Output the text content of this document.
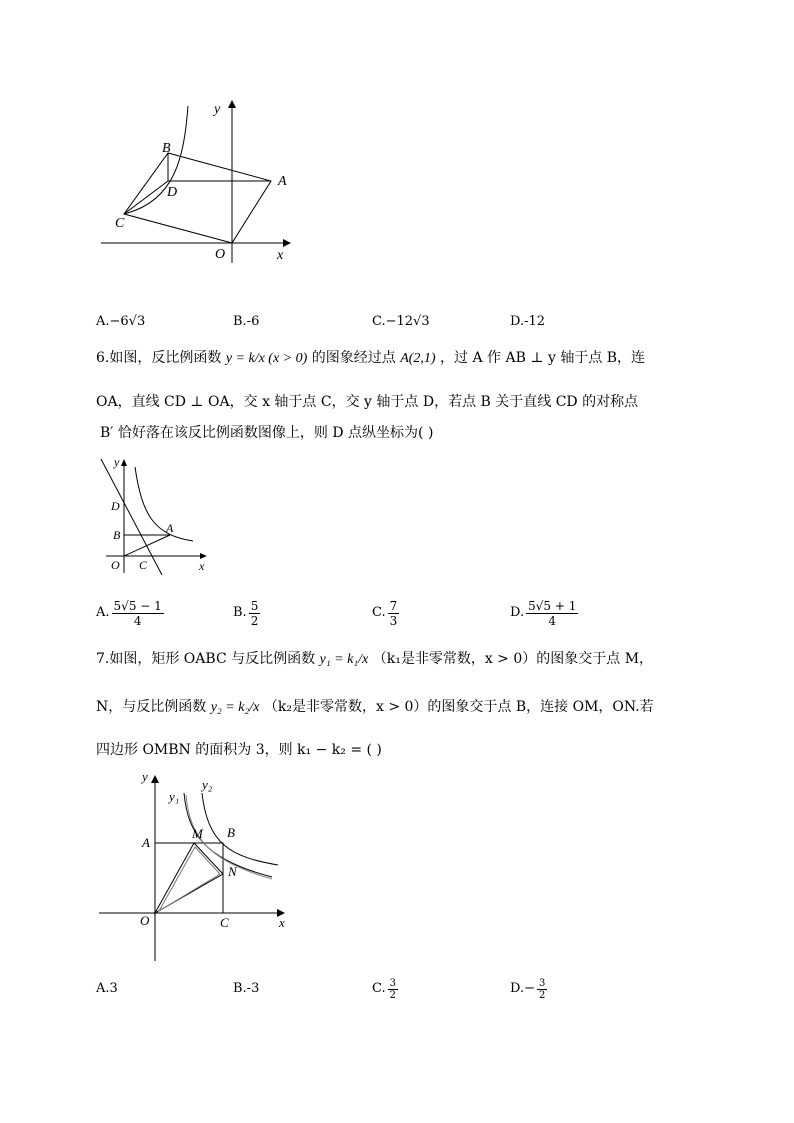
y
x
O
A
B
C
D
A.−6√3	B.-6	C.−12√3	D.-12
6.如图，反比例函数 y = k/x (x > 0) 的图象经过点 A(2,1) ，过 A 作 AB ⊥ y 轴于点 B，连
OA，直线 CD ⊥ OA，交 x 轴于点 C，交 y 轴于点 D，若点 B 关于直线 CD 的对称点
B′ 恰好落在该反比例函数图像上，则 D 点纵坐标为( )
y
x
O
A
B
C
D
A. $\frac{5√5 - 1}{4}$	B. $\frac{5}{2}$	C. $\frac{7}{3}$	D. $\frac{5√5 + 1}{4}$
7.如图，矩形 OABC 与反比例函数 y₁ = k₁/x （k₁是非零常数，x > 0）的图象交于点 M，
N，与反比例函数 y₂ = k₂/x （k₂是非零常数，x > 0）的图象交于点 B，连接 OM，ON.若
四边形 OMBN 的面积为 3，则 k₁ − k₂ = ( )
y
x
O
A
B
C
M
N
y₁
y₂
A.3	B.-3	C. $\frac{3}{2}$	$D.- \frac{3}{2}$
